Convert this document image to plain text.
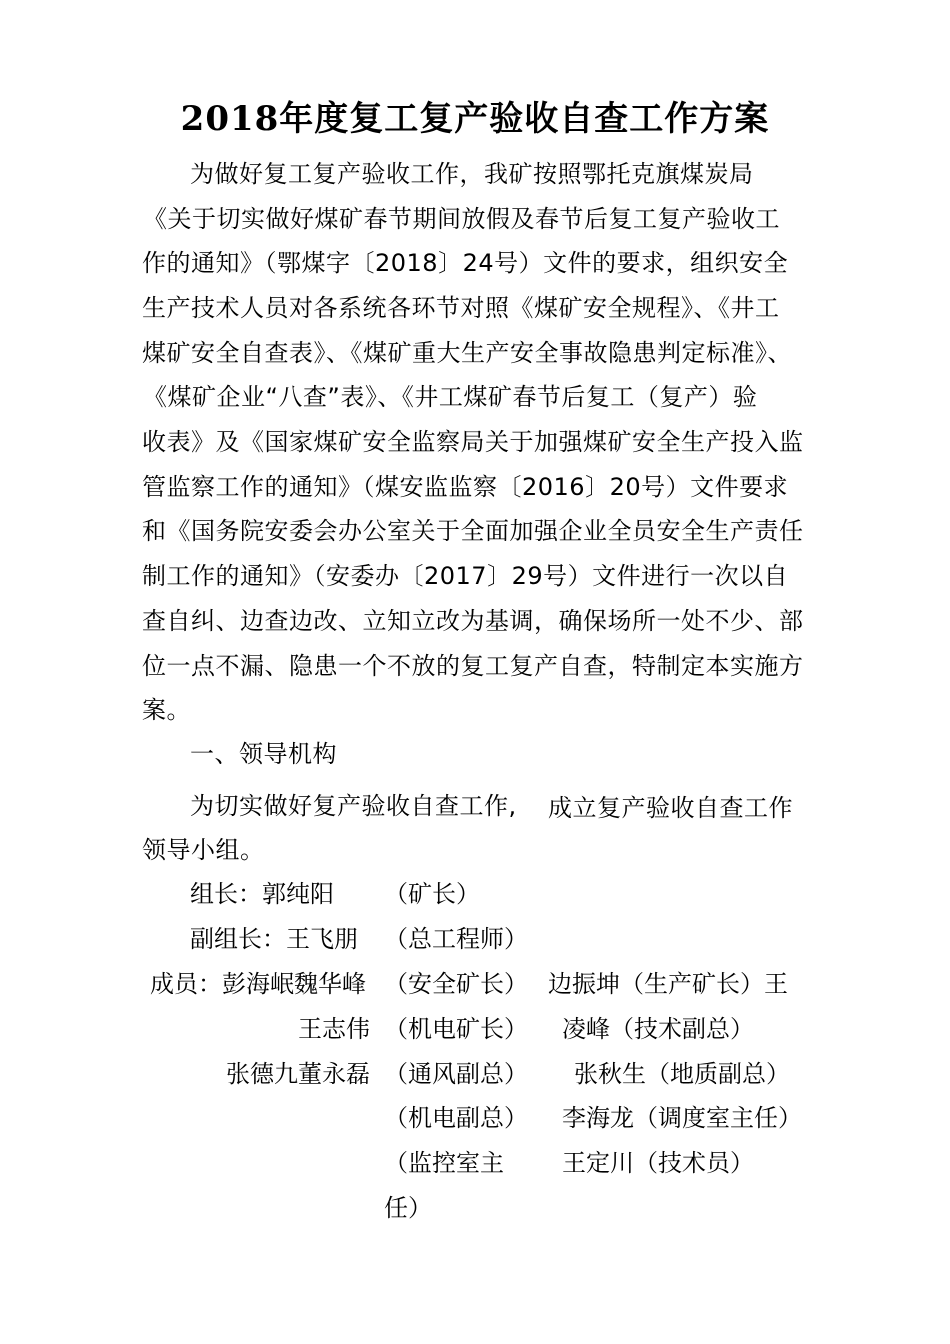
2018年度复工复产验收自查工作方案

为做好复工复产验收工作，我矿按照鄂托克旗煤炭局

《关于切实做好煤矿春节期间放假及春节后复工复产验收工

作的通知》（鄂煤字〔2018〕24号）文件的要求，组织安全

生产技术人员对各系统各环节对照《煤矿安全规程》、《井工

煤矿安全自查表》、《煤矿重大生产安全事故隐患判定标准》、

《煤矿企业“八查”表》、《井工煤矿春节后复工（复产）验

收表》及《国家煤矿安全监察局关于加强煤矿安全生产投入监

管监察工作的通知》（煤安监监察〔2016〕20号）文件要求

和《国务院安委会办公室关于全面加强企业全员安全生产责任

制工作的通知》（安委办〔2017〕29号）文件进行一次以自

查自纠、边查边改、立知立改为基调，确保场所一处不少、部

位一点不漏、隐患一个不放的复工复产自查，特制定本实施方

案。

一、领导机构

为切实做好复产验收自查工作, 成立复产验收自查工作

领导小组。

组长：郭纯阳 （矿长）
副组长：王飞朋 （总工程师）
成员：彭海岷魏华峰 （安全矿长） 边振坤（生产矿长）王
王志伟 （机电矿长） 凌峰（技术副总）
张德九董永磊 （通风副总） 张秋生（地质副总）
（机电副总） 李海龙（调度室主任）
（监控室主 王定川（技术员）
任）
